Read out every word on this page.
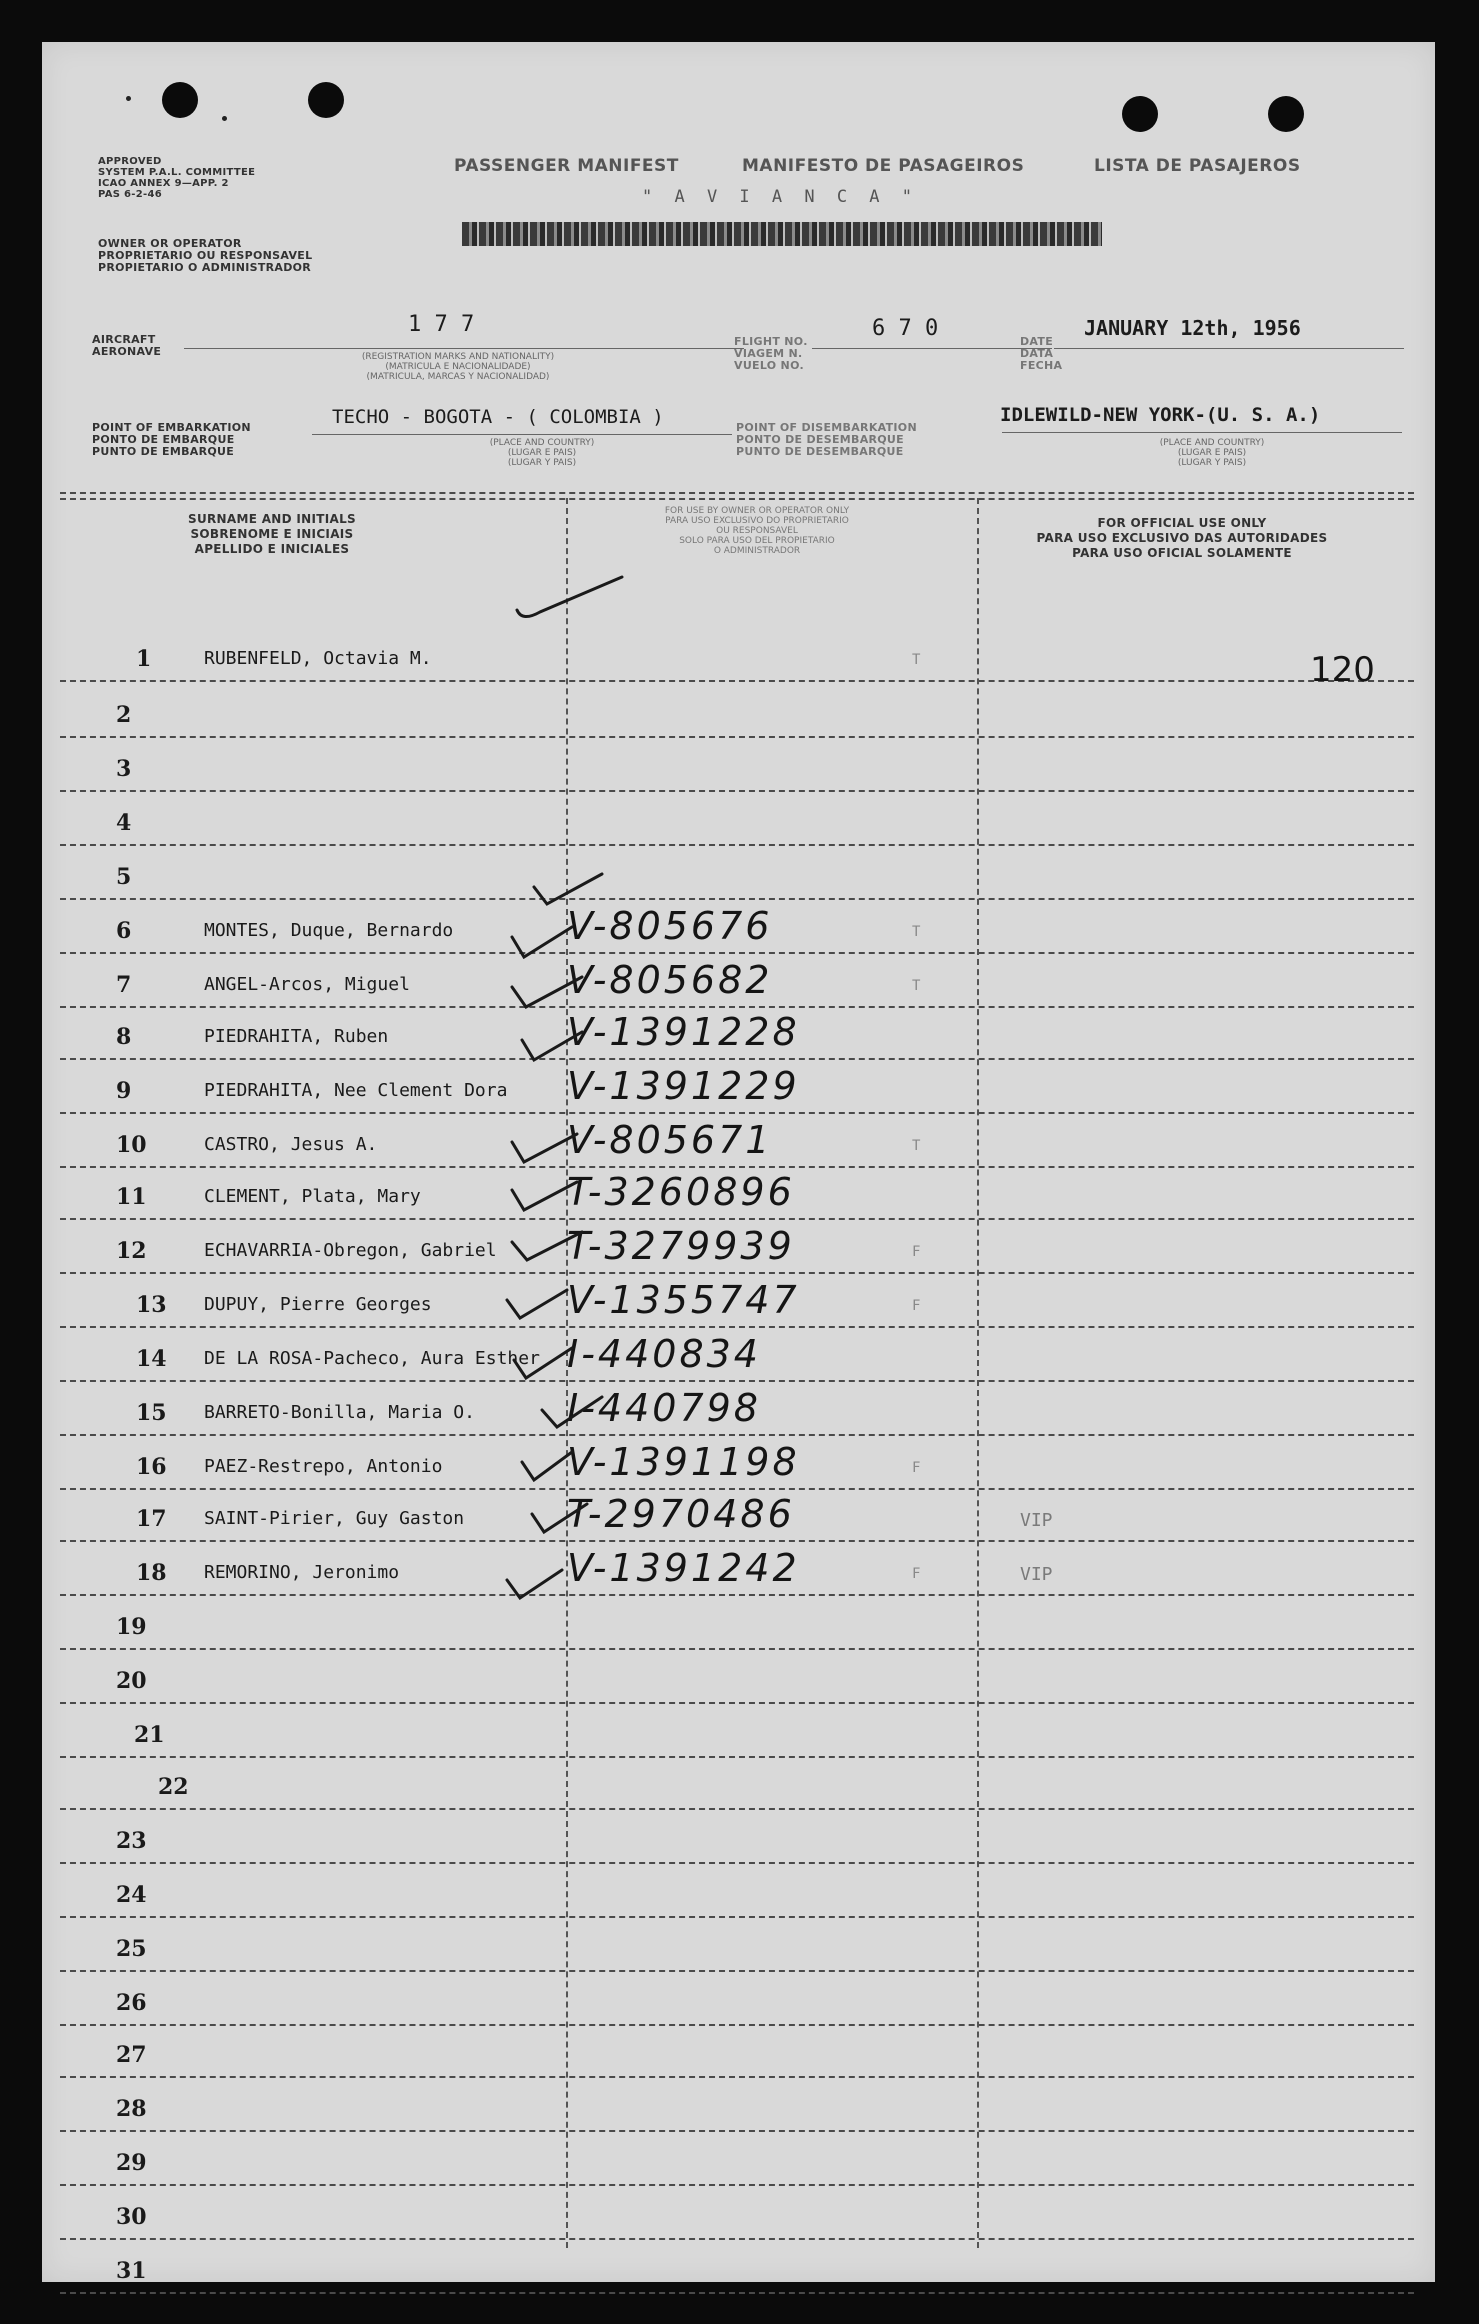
APPROVED
SYSTEM P.A.L. COMMITTEE
ICAO ANNEX 9—APP. 2
PAS 6-2-46
OWNER OR OPERATOR
PROPRIETARIO OU RESPONSAVEL
PROPIETARIO O ADMINISTRADOR
PASSENGER MANIFEST	MANIFESTO DE PASAGEIROS	LISTA DE PASAJEROS
" A V I A N C A "
AIRCRAFT
AERONAVE
1 7 7
(REGISTRATION MARKS AND NATIONALITY)
(MATRICULA E NACIONALIDADE)
(MATRICULA, MARCAS Y NACIONALIDAD)
FLIGHT NO.
VIAGEM N.
VUELO NO.
6 7 0
DATE
DATA
FECHA
JANUARY 12th, 1956
POINT OF EMBARKATION
PONTO DE EMBARQUE
PUNTO DE EMBARQUE
TECHO - BOGOTA - ( COLOMBIA )
(PLACE AND COUNTRY)
(LUGAR E PAIS)
(LUGAR Y PAIS)
POINT OF DISEMBARKATION
PONTO DE DESEMBARQUE
PUNTO DE DESEMBARQUE
IDLEWILD-NEW YORK-(U. S. A.)
(PLACE AND COUNTRY)
(LUGAR E PAIS)
(LUGAR Y PAIS)
SURNAME AND INITIALS
SOBRENOME E INICIAIS
APELLIDO E INICIALES
FOR USE BY OWNER OR OPERATOR ONLY
PARA USO EXCLUSIVO DO PROPRIETARIO
OU RESPONSAVEL
SOLO PARA USO DEL PROPIETARIO
O ADMINISTRADOR
FOR OFFICIAL USE ONLY
PARA USO EXCLUSIVO DAS AUTORIDADES
PARA USO OFICIAL SOLAMENTE
1	RUBENFELD, Octavia M.	T
2
3
4
5
6	MONTES, Duque, Bernardo	V-805676	T
7	ANGEL-Arcos, Miguel	V-805682	T
8	PIEDRAHITA, Ruben	V-1391228
9	PIEDRAHITA, Nee Clement Dora V-1391229
10	CASTRO, Jesus A.	V-805671	T
11	CLEMENT, Plata, Mary	T-3260896
12	ECHAVARRIA-Obregon, Gabriel T-3279939	F
13	DUPUY, Pierre Georges	V-1355747	F
14	DE LA ROSA-Pacheco, Aura Esther I-440834
15	BARRETO-Bonilla, Maria O. I-440798
16	PAEZ-Restrepo, Antonio	V-1391198	F
17	SAINT-Pirier, Guy Gaston	T-2970486	VIP
18	REMORINO, Jeronimo	V-1391242	F	VIP
19
20
21
22
23
24
25
26
27
28
29
30
31
120
